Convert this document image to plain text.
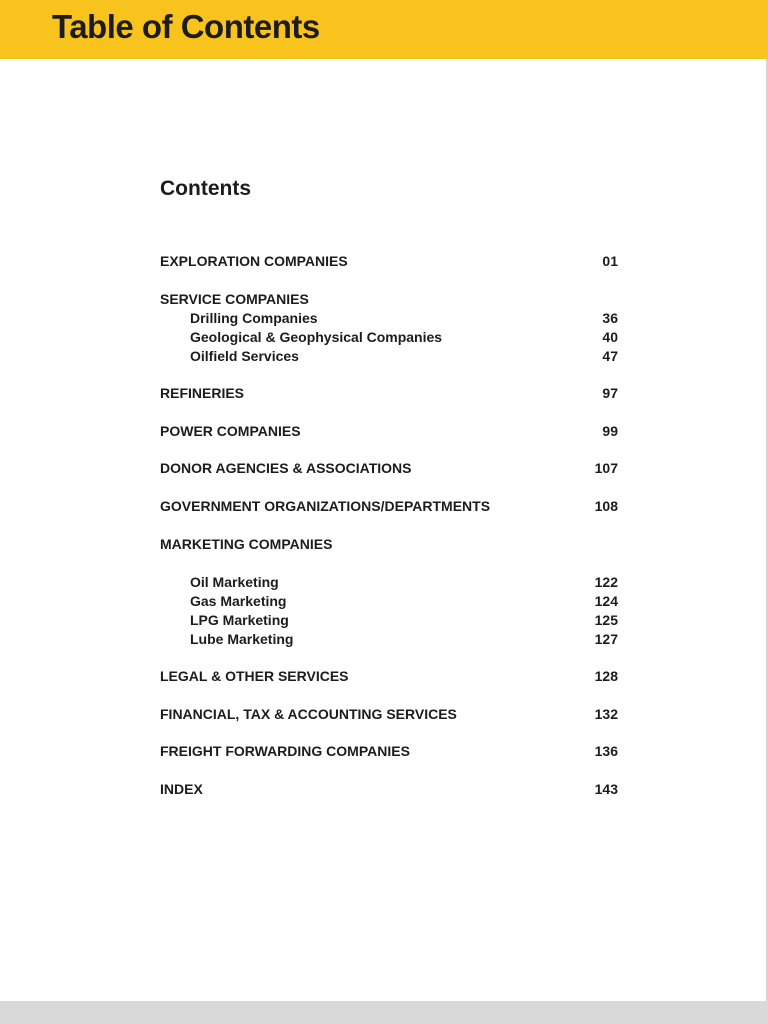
Table of Contents
Contents
EXPLORATION COMPANIES	01
SERVICE COMPANIES
Drilling Companies	36
Geological & Geophysical Companies	40
Oilfield Services	47
REFINERIES	97
POWER COMPANIES	99
DONOR AGENCIES & ASSOCIATIONS	107
GOVERNMENT ORGANIZATIONS/DEPARTMENTS	108
MARKETING COMPANIES
Oil Marketing	122
Gas Marketing	124
LPG Marketing	125
Lube Marketing	127
LEGAL & OTHER SERVICES	128
FINANCIAL, TAX & ACCOUNTING SERVICES	132
FREIGHT FORWARDING COMPANIES	136
INDEX	143
